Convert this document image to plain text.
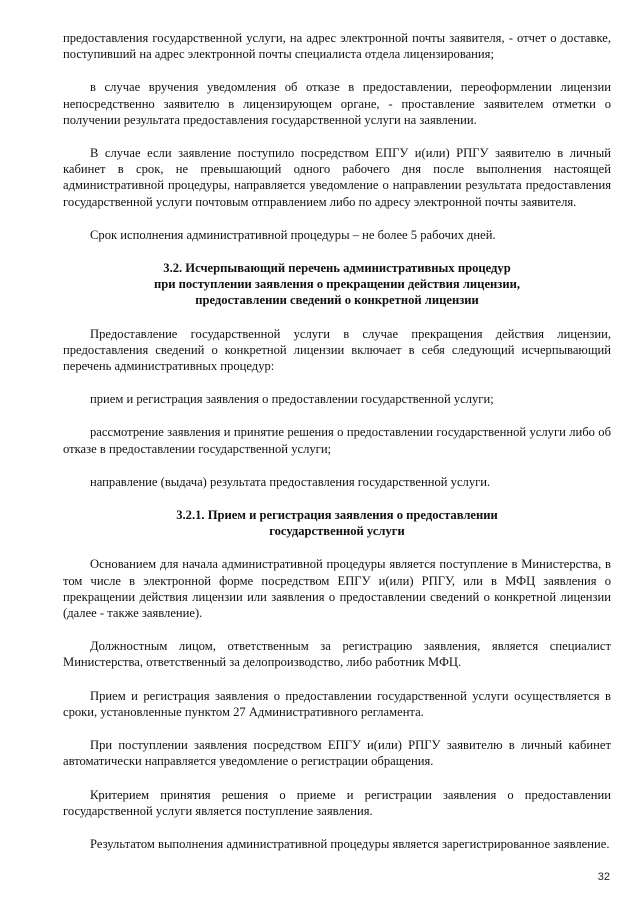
предоставления государственной услуги, на адрес электронной почты заявителя, - отчет о доставке, поступивший на адрес электронной почты специалиста отдела лицензирования;

в случае вручения уведомления об отказе в предоставлении, переоформлении лицензии непосредственно заявителю в лицензирующем органе, - проставление заявителем отметки о получении результата предоставления государственной услуги на заявлении.

В случае если заявление поступило посредством ЕПГУ и(или) РПГУ заявителю в личный кабинет в срок, не превышающий одного рабочего дня после выполнения настоящей административной процедуры, направляется уведомление о направлении результата предоставления государственной услуги почтовым отправлением либо по адресу электронной почты заявителя.

Срок исполнения административной процедуры – не более 5 рабочих дней.

3.2. Исчерпывающий перечень административных процедур
при поступлении заявления о прекращении действия лицензии,
предоставлении сведений о конкретной лицензии

Предоставление государственной услуги в случае прекращения действия лицензии, предоставления сведений о конкретной лицензии включает в себя следующий исчерпывающий перечень административных процедур:

прием и регистрация заявления о предоставлении государственной услуги;

рассмотрение заявления и принятие решения о предоставлении государственной услуги либо об отказе в предоставлении государственной услуги;

направление (выдача) результата предоставления государственной услуги.

3.2.1. Прием и регистрация заявления о предоставлении
государственной услуги

Основанием для начала административной процедуры является поступление в Министерства, в том числе в электронной форме посредством ЕПГУ и(или) РПГУ, или в МФЦ заявления о прекращении действия лицензии или заявления о предоставлении сведений о конкретной лицензии (далее - также заявление).

Должностным лицом, ответственным за регистрацию заявления, является специалист Министерства, ответственный за делопроизводство, либо работник МФЦ.

Прием и регистрация заявления о предоставлении государственной услуги осуществляется в сроки, установленные пунктом 27 Административного регламента.

При поступлении заявления посредством ЕПГУ и(или) РПГУ заявителю в личный кабинет автоматически направляется уведомление о регистрации обращения.

Критерием принятия решения о приеме и регистрации заявления о предоставлении государственной услуги является поступление заявления.

Результатом выполнения административной процедуры является зарегистрированное заявление.

32
